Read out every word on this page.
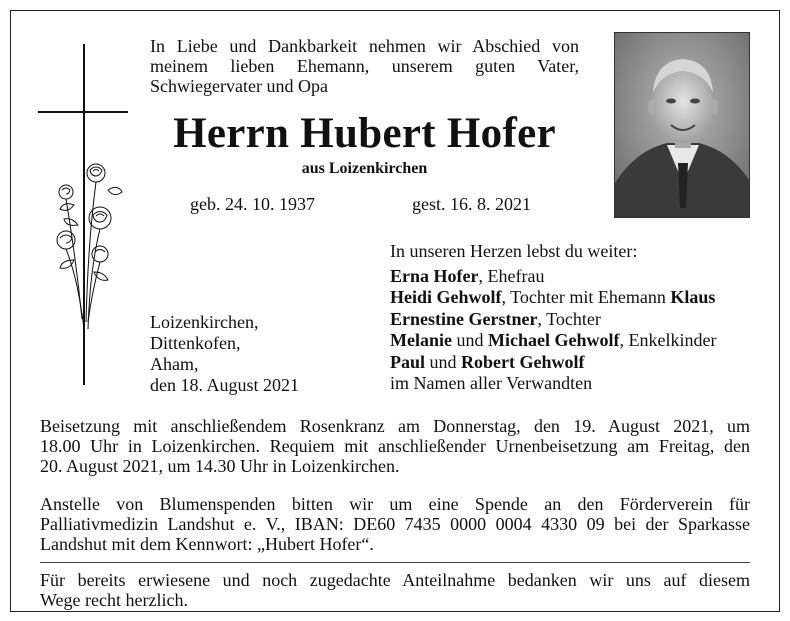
In Liebe und Dankbarkeit nehmen wir Abschied von
meinem lieben Ehemann, unserem guten Vater,
Schwiegervater und Opa
Herrn Hubert Hofer
aus Loizenkirchen
geb. 24. 10. 1937	gest. 16. 8. 2021
Loizenkirchen,
Dittenkofen,
Aham,
den 18. August 2021
In unseren Herzen lebst du weiter:
Erna Hofer, Ehefrau
Heidi Gehwolf, Tochter mit Ehemann Klaus
Ernestine Gerstner, Tochter
Melanie und Michael Gehwolf, Enkelkinder
Paul und Robert Gehwolf
im Namen aller Verwandten
Beisetzung mit anschließendem Rosenkranz am Donnerstag, den 19. August 2021, um
18.00 Uhr in Loizenkirchen. Requiem mit anschließender Urnenbeisetzung am Freitag, den
20. August 2021, um 14.30 Uhr in Loizenkirchen.
Anstelle von Blumenspenden bitten wir um eine Spende an den Förderverein für
Palliativmedizin Landshut e. V., IBAN: DE60 7435 0000 0004 4330 09 bei der Sparkasse
Landshut mit dem Kennwort: „Hubert Hofer“.
Für bereits erwiesene und noch zugedachte Anteilnahme bedanken wir uns auf diesem
Wege recht herzlich.
